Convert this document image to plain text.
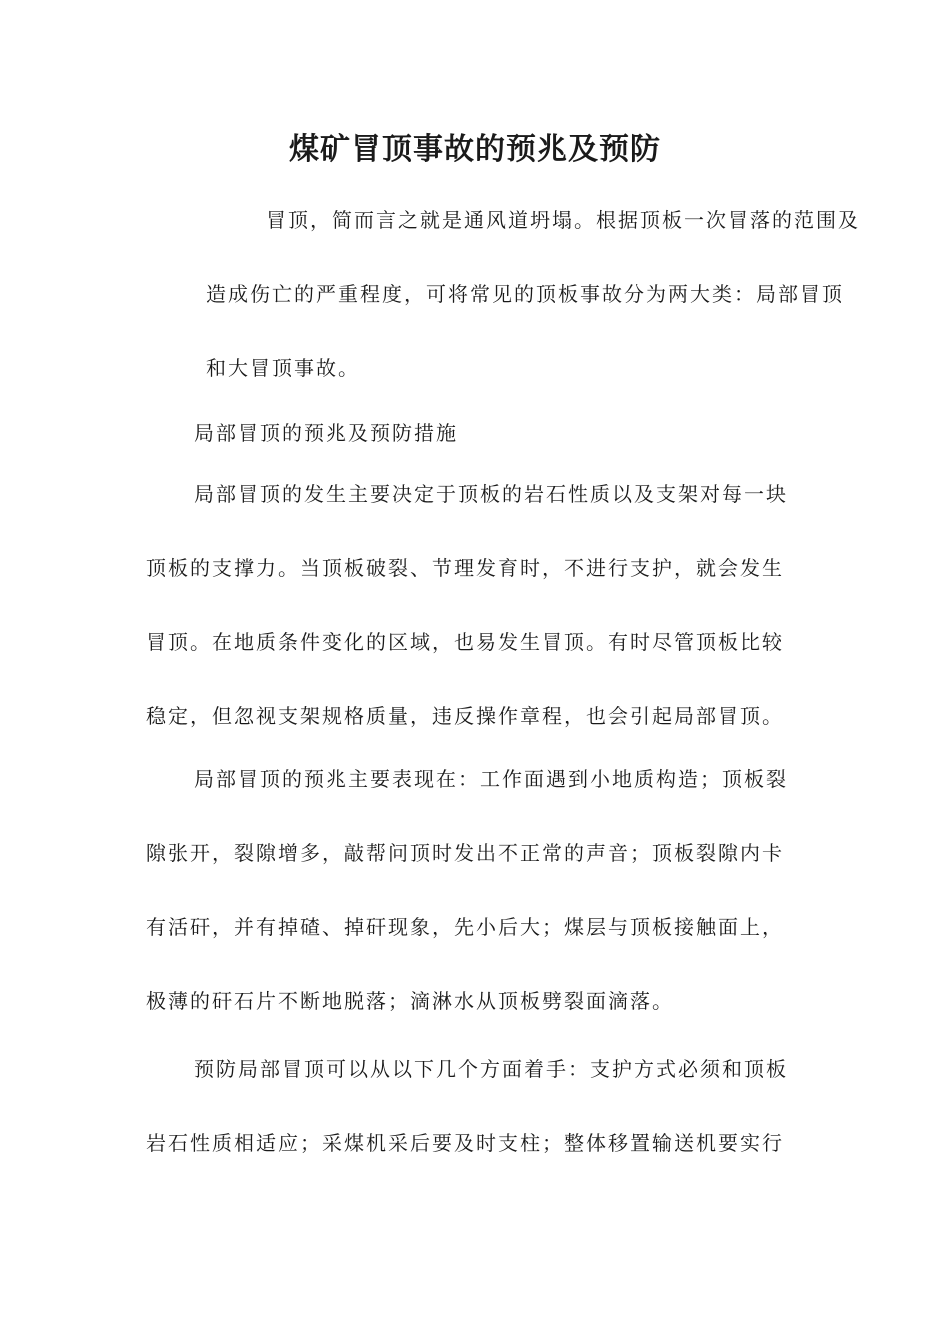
煤矿冒顶事故的预兆及预防
冒顶，简而言之就是通风道坍塌。根据顶板一次冒落的范围及
造成伤亡的严重程度，可将常见的顶板事故分为两大类：局部冒顶
和大冒顶事故。
局部冒顶的预兆及预防措施
局部冒顶的发生主要决定于顶板的岩石性质以及支架对每一块
顶板的支撑力。当顶板破裂、节理发育时，不进行支护，就会发生
冒顶。在地质条件变化的区域，也易发生冒顶。有时尽管顶板比较
稳定，但忽视支架规格质量，违反操作章程，也会引起局部冒顶。
局部冒顶的预兆主要表现在：工作面遇到小地质构造；顶板裂
隙张开，裂隙增多，敲帮问顶时发出不正常的声音；顶板裂隙内卡
有活矸，并有掉碴、掉矸现象，先小后大；煤层与顶板接触面上，
极薄的矸石片不断地脱落；滴淋水从顶板劈裂面滴落。
预防局部冒顶可以从以下几个方面着手：支护方式必须和顶板
岩石性质相适应；采煤机采后要及时支柱；整体移置输送机要实行
